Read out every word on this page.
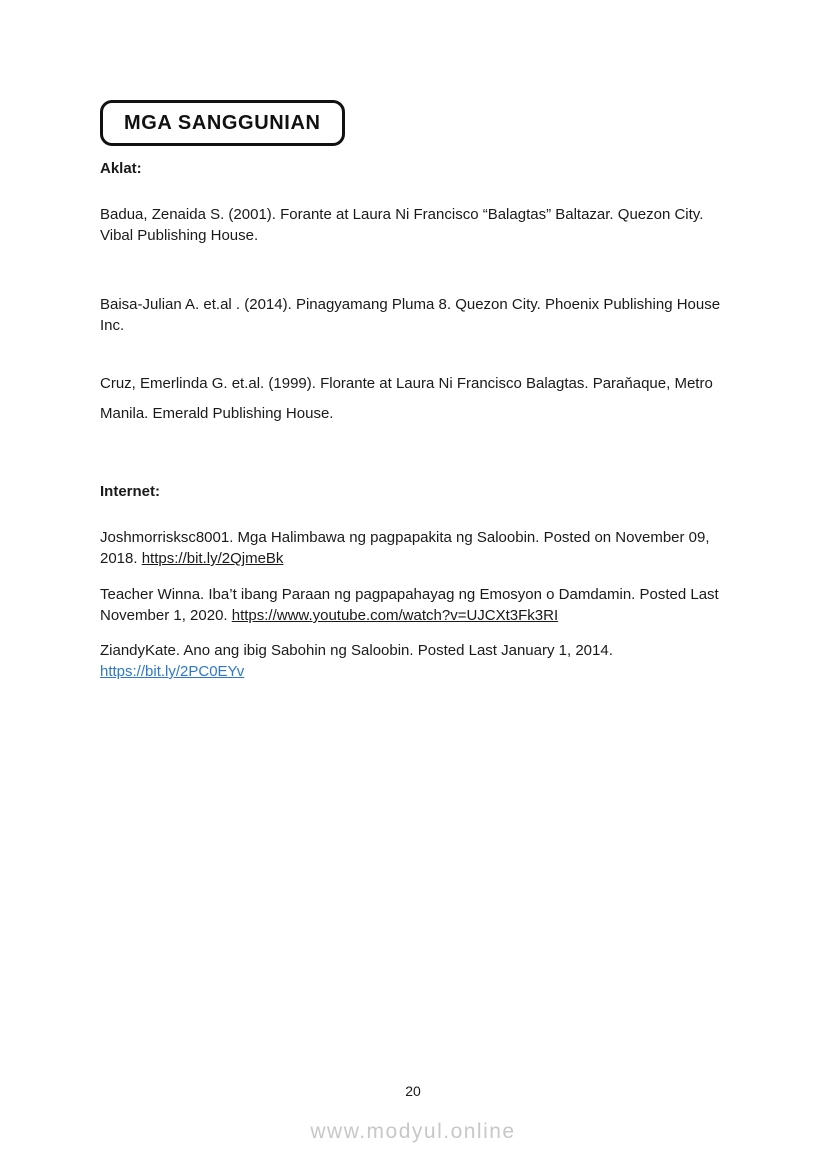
MGA SANGGUNIAN

Aklat:

Badua, Zenaida S. (2001). Forante at Laura Ni Francisco “Balagtas” Baltazar. Quezon City. Vibal Publishing House.

Baisa-Julian A. et.al . (2014). Pinagyamang Pluma 8. Quezon City. Phoenix Publishing House Inc.

Cruz, Emerlinda G. et.al. (1999). Florante at Laura Ni Francisco Balagtas. Paraňaque, Metro Manila. Emerald Publishing House.

Internet:

Joshmorrisksc8001. Mga Halimbawa ng pagpapakita ng Saloobin. Posted on November 09, 2018. https://bit.ly/2QjmeBk

Teacher Winna. Iba’t ibang Paraan ng pagpapahayag ng Emosyon o Damdamin. Posted Last November 1, 2020. https://www.youtube.com/watch?v=UJCXt3Fk3RI

ZiandyKate. Ano ang ibig Sabohin ng Saloobin. Posted Last January 1, 2014. https://bit.ly/2PC0EYv

20
www.modyul.online
